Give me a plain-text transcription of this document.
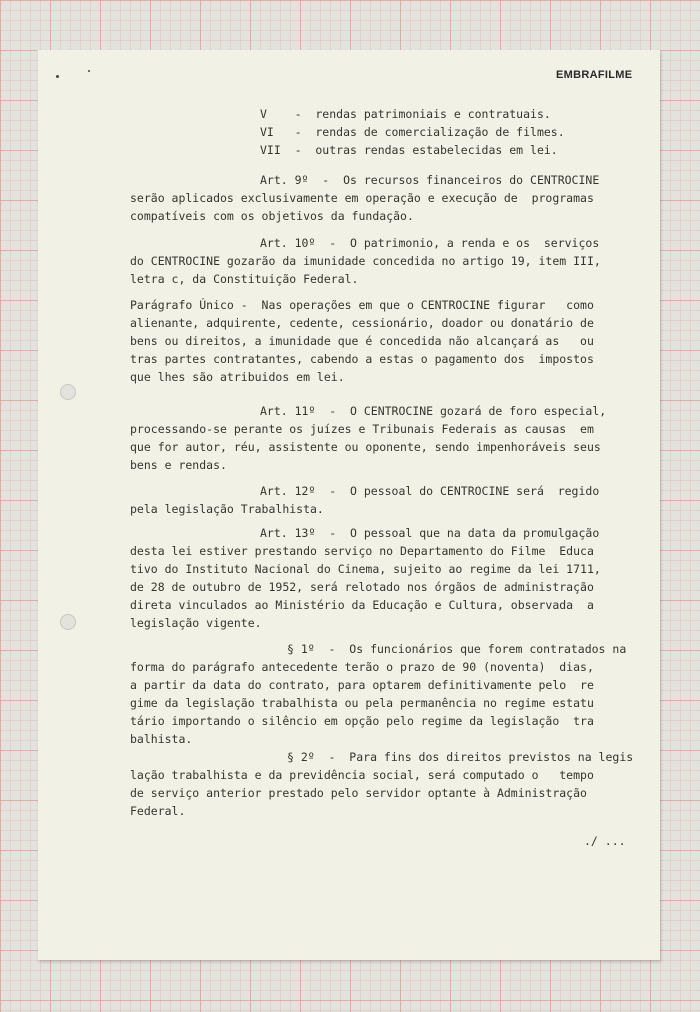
EMBRAFILME

V    -  rendas patrimoniais e contratuais.

VI   -  rendas de comercialização de filmes.

VII  -  outras rendas estabelecidas em lei.

Art. 9º  -  Os recursos financeiros do CENTROCINE

serão aplicados exclusivamente em operação e execução de  programas

compatíveis com os objetivos da fundação.

Art. 10º  -  O patrimonio, a renda e os  serviços

do CENTROCINE gozarão da imunidade concedida no artigo 19, item III,

letra c, da Constituição Federal.

Parágrafo Único -  Nas operações em que o CENTROCINE figurar   como

alienante, adquirente, cedente, cessionário, doador ou donatário de

bens ou direitos, a imunidade que é concedida não alcançará as   ou

tras partes contratantes, cabendo a estas o pagamento dos  impostos

que lhes são atribuidos em lei.

Art. 11º  -  O CENTROCINE gozará de foro especial,

processando-se perante os juízes e Tribunais Federais as causas  em

que for autor, réu, assistente ou oponente, sendo impenhoráveis seus

bens e rendas.

Art. 12º  -  O pessoal do CENTROCINE será  regido

pela legislação Trabalhista.

Art. 13º  -  O pessoal que na data da promulgação

desta lei estiver prestando serviço no Departamento do Filme  Educa

tivo do Instituto Nacional do Cinema, sujeito ao regime da lei 1711,

de 28 de outubro de 1952, será relotado nos órgãos de administração

direta vinculados ao Ministério da Educação e Cultura, observada  a

legislação vigente.

§ 1º  -  Os funcionários que forem contratados na

forma do parágrafo antecedente terão o prazo de 90 (noventa)  dias,

a partir da data do contrato, para optarem definitivamente pelo  re

gime da legislação trabalhista ou pela permanência no regime estatu

tário importando o silêncio em opção pelo regime da legislação  tra

balhista.

§ 2º  -  Para fins dos direitos previstos na legis

lação trabalhista e da previdência social, será computado o   tempo

de serviço anterior prestado pelo servidor optante à Administração

Federal.

./ ...
